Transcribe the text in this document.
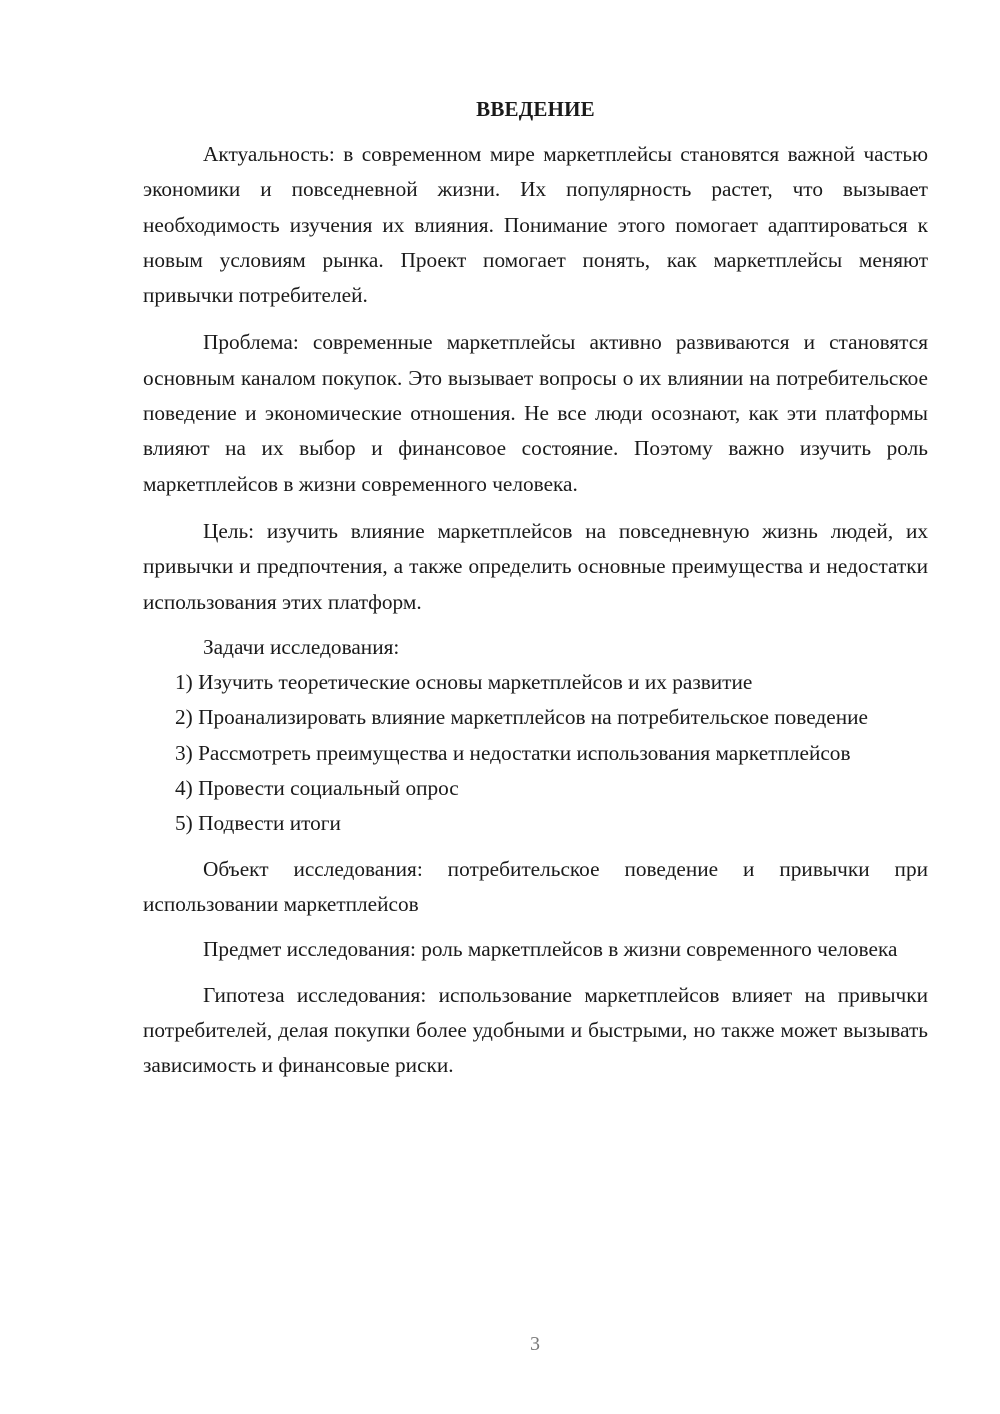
ВВЕДЕНИЕ

Актуальность: в современном мире маркетплейсы становятся важной частью экономики и повседневной жизни. Их популярность растет, что вызывает необходимость изучения их влияния. Понимание этого помогает адаптироваться к новым условиям рынка. Проект помогает понять, как маркетплейсы меняют привычки потребителей.

Проблема: современные маркетплейсы активно развиваются и становятся основным каналом покупок. Это вызывает вопросы о их влиянии на потребительское поведение и экономические отношения. Не все люди осознают, как эти платформы влияют на их выбор и финансовое состояние. Поэтому важно изучить роль маркетплейсов в жизни современного человека.

Цель: изучить влияние маркетплейсов на повседневную жизнь людей, их привычки и предпочтения, а также определить основные преимущества и недостатки использования этих платформ.

Задачи исследования:

1) Изучить теоретические основы маркетплейсов и их развитие

2) Проанализировать влияние маркетплейсов на потребительское поведение

3) Рассмотреть преимущества и недостатки использования маркетплейсов

4) Провести социальный опрос

5) Подвести итоги

Объект исследования: потребительское поведение и привычки при использовании маркетплейсов

Предмет исследования: роль маркетплейсов в жизни современного человека

Гипотеза исследования: использование маркетплейсов влияет на привычки потребителей, делая покупки более удобными и быстрыми, но также может вызывать зависимость и финансовые риски.

3
